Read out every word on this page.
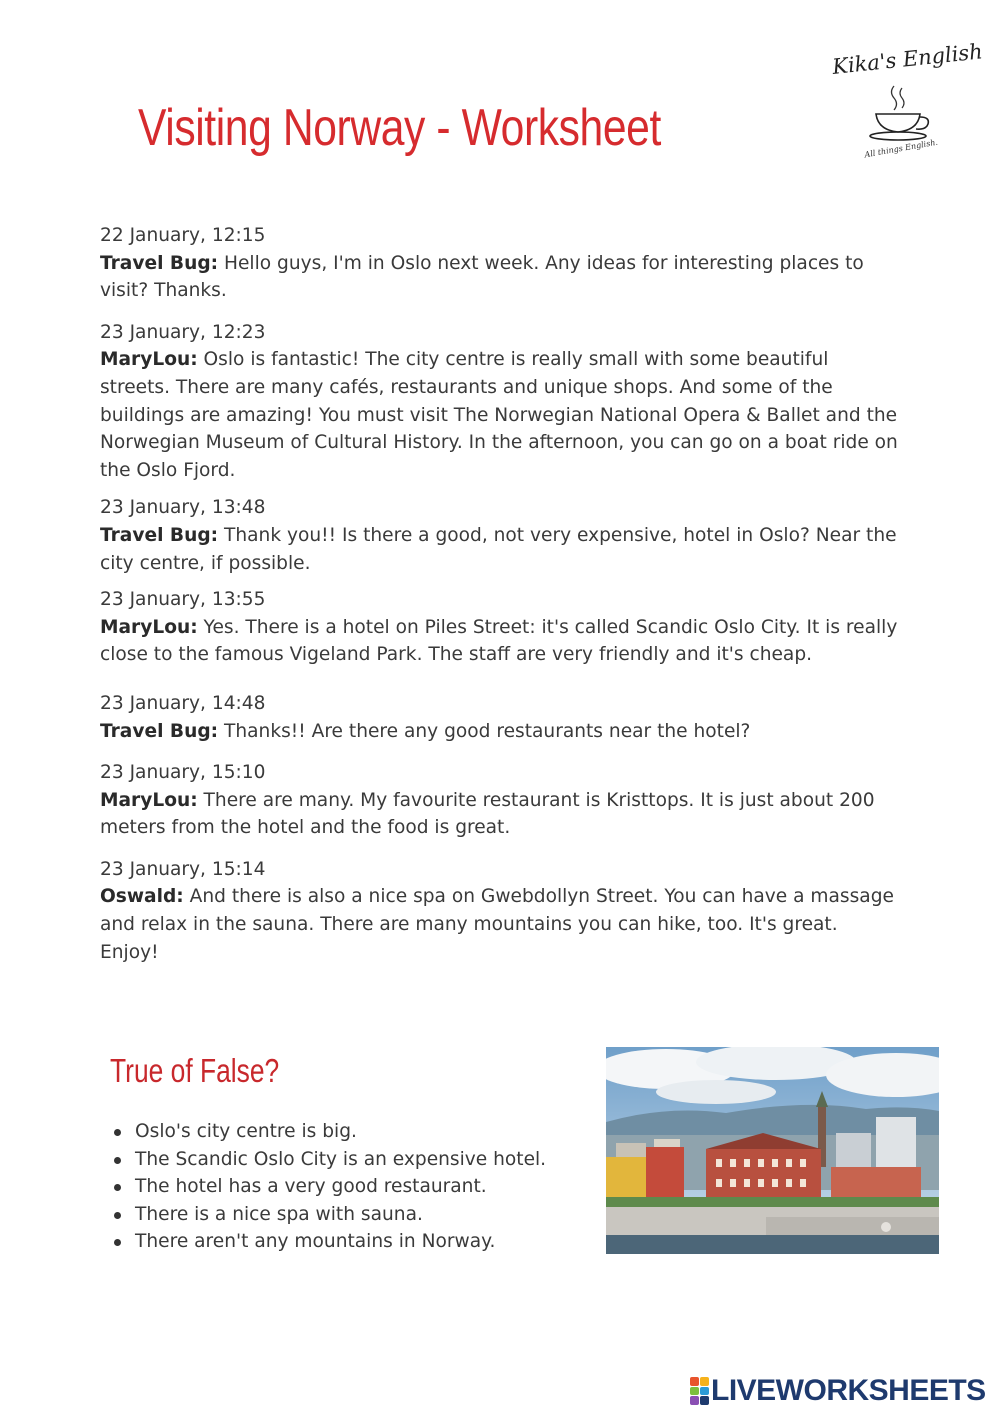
Visiting Norway - Worksheet
Kika's English
All things English.
22 January, 12:15
Travel Bug: Hello guys, I'm in Oslo next week. Any ideas for interesting places to visit? Thanks.
23 January, 12:23
MaryLou: Oslo is fantastic! The city centre is really small with some beautiful streets. There are many cafés, restaurants and unique shops. And some of the buildings are amazing! You must visit The Norwegian National Opera & Ballet and the Norwegian Museum of Cultural History. In the afternoon, you can go on a boat ride on the Oslo Fjord.
23 January, 13:48
Travel Bug: Thank you!! Is there a good, not very expensive, hotel in Oslo? Near the city centre, if possible.
23 January, 13:55
MaryLou: Yes. There is a hotel on Piles Street: it's called Scandic Oslo City. It is really close to the famous Vigeland Park. The staff are very friendly and it's cheap.
23 January, 14:48
Travel Bug: Thanks!! Are there any good restaurants near the hotel?
23 January, 15:10
MaryLou: There are many. My favourite restaurant is Kristtops. It is just about 200 meters from the hotel and the food is great.
23 January, 15:14
Oswald: And there is also a nice spa on Gwebdollyn Street. You can have a massage and relax in the sauna. There are many mountains you can hike, too. It's great. Enjoy!
True of False?
Oslo's city centre is big.
The Scandic Oslo City is an expensive hotel.
The hotel has a very good restaurant.
There is a nice spa with sauna.
There aren't any mountains in Norway.
LIVEWORKSHEETS
